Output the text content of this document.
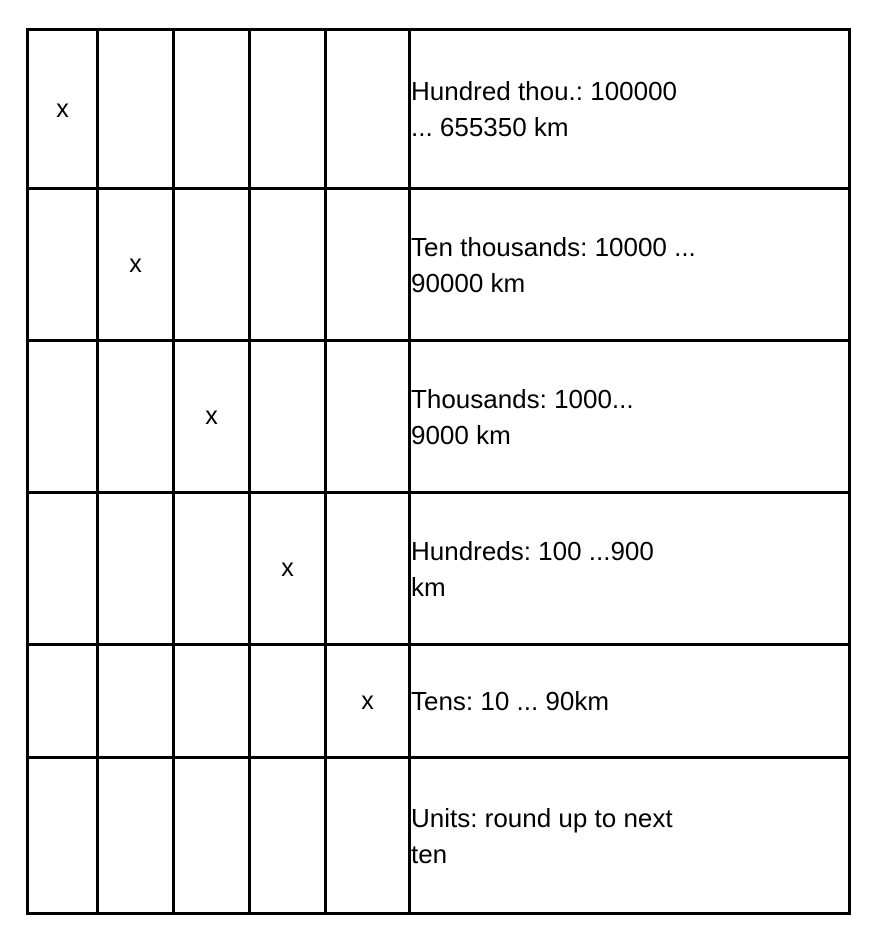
x					Hundred thou.: 100000
... 655350 km

	x				Ten thousands: 10000 ...
90000 km

		x			Thousands: 1000...
9000 km

			x		Hundreds: 100 ...900
km

				x	Tens: 10 ... 90km

					Units: round up to next
ten
